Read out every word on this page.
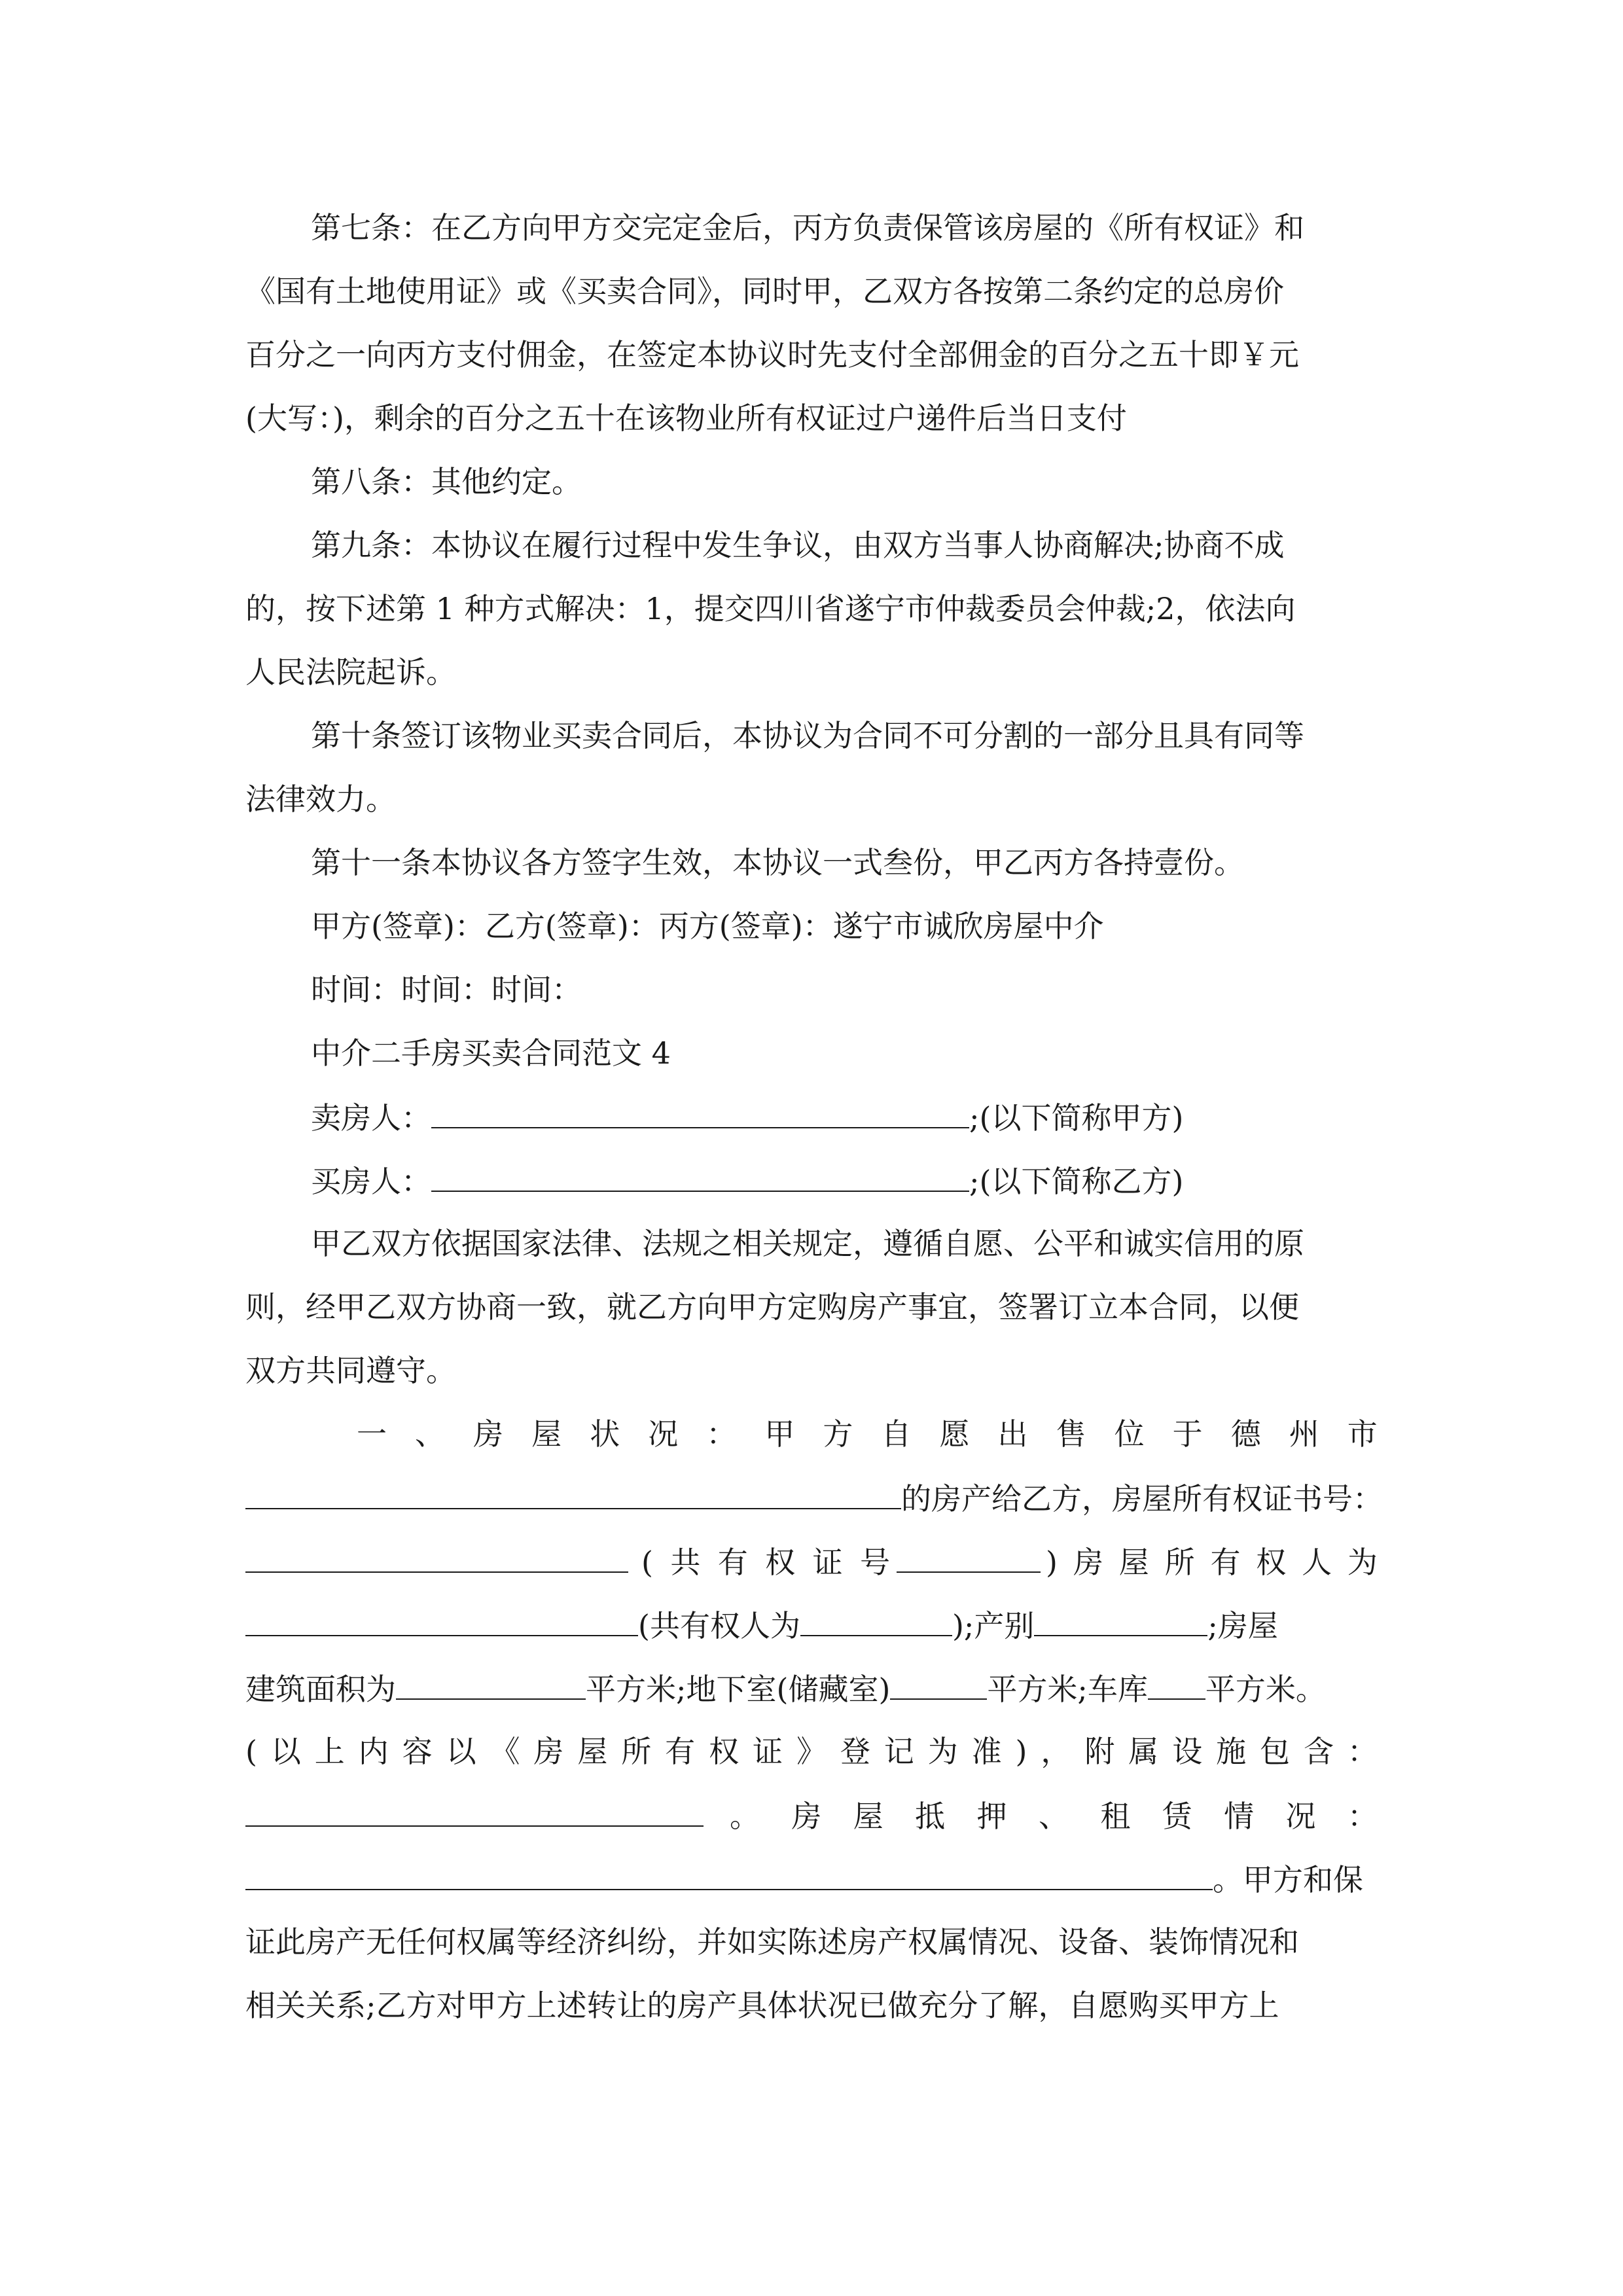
第七条：在乙方向甲方交完定金后，丙方负责保管该房屋的《所有权证》和
《国有土地使用证》或《买卖合同》，同时甲，乙双方各按第二条约定的总房价
百分之一向丙方支付佣金，在签定本协议时先支付全部佣金的百分之五十即￥元
(大写：)，剩余的百分之五十在该物业所有权证过户递件后当日支付
第八条：其他约定。
第九条：本协议在履行过程中发生争议，由双方当事人协商解决;协商不成
的，按下述第 1 种方式解决：1，提交四川省遂宁市仲裁委员会仲裁;2，依法向
人民法院起诉。
第十条签订该物业买卖合同后，本协议为合同不可分割的一部分且具有同等
法律效力。
第十一条本协议各方签字生效，本协议一式叁份，甲乙丙方各持壹份。
甲方(签章)：乙方(签章)：丙方(签章)：遂宁市诚欣房屋中介
时间：时间：时间：
中介二手房买卖合同范文 4
卖房人：	;(以下简称甲方)
买房人：	;(以下简称乙方)
甲乙双方依据国家法律、法规之相关规定，遵循自愿、公平和诚实信用的原
则，经甲乙双方协商一致，就乙方向甲方定购房产事宜，签署订立本合同，以便
双方共同遵守。
一 、 房 屋 状 况 ： 甲 方 自 愿 出 售 位 于 德 州 市
的房产给乙方，房屋所有权证书号：
( 共 有 权 证 号	) 房 屋 所 有 权 人 为
(共有权人为	);产别	;房屋
建筑面积为	平方米;地下室(储藏室)	平方米;车库 平方米。
( 以 上 内 容 以 《 房 屋 所 有 权 证 》 登 记 为 准 ) ， 附 属 设 施 包 含 ：
。 房 屋 抵 押 、 租 赁 情 况 ：
。甲方和保
证此房产无任何权属等经济纠纷，并如实陈述房产权属情况、设备、装饰情况和
相关关系;乙方对甲方上述转让的房产具体状况已做充分了解，自愿购买甲方上
